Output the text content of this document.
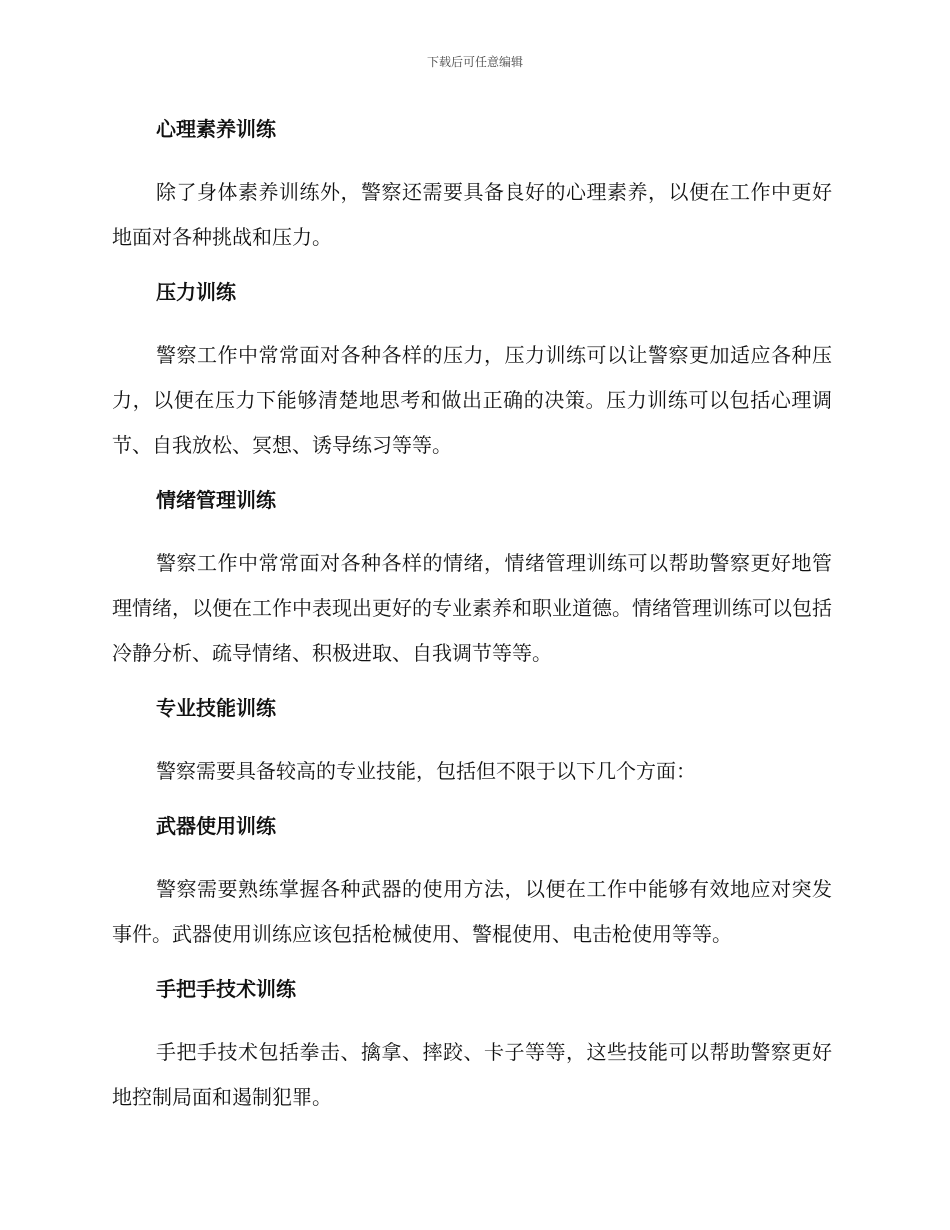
下载后可任意编辑
心理素养训练

除了身体素养训练外，警察还需要具备良好的心理素养，以便在工作中更好地面对各种挑战和压力。

压力训练

警察工作中常常面对各种各样的压力，压力训练可以让警察更加适应各种压力，以便在压力下能够清楚地思考和做出正确的决策。压力训练可以包括心理调节、自我放松、冥想、诱导练习等等。

情绪管理训练

警察工作中常常面对各种各样的情绪，情绪管理训练可以帮助警察更好地管理情绪，以便在工作中表现出更好的专业素养和职业道德。情绪管理训练可以包括冷静分析、疏导情绪、积极进取、自我调节等等。

专业技能训练

警察需要具备较高的专业技能，包括但不限于以下几个方面：

武器使用训练

警察需要熟练掌握各种武器的使用方法，以便在工作中能够有效地应对突发事件。武器使用训练应该包括枪械使用、警棍使用、电击枪使用等等。

手把手技术训练

手把手技术包括拳击、擒拿、摔跤、卡子等等，这些技能可以帮助警察更好地控制局面和遏制犯罪。
